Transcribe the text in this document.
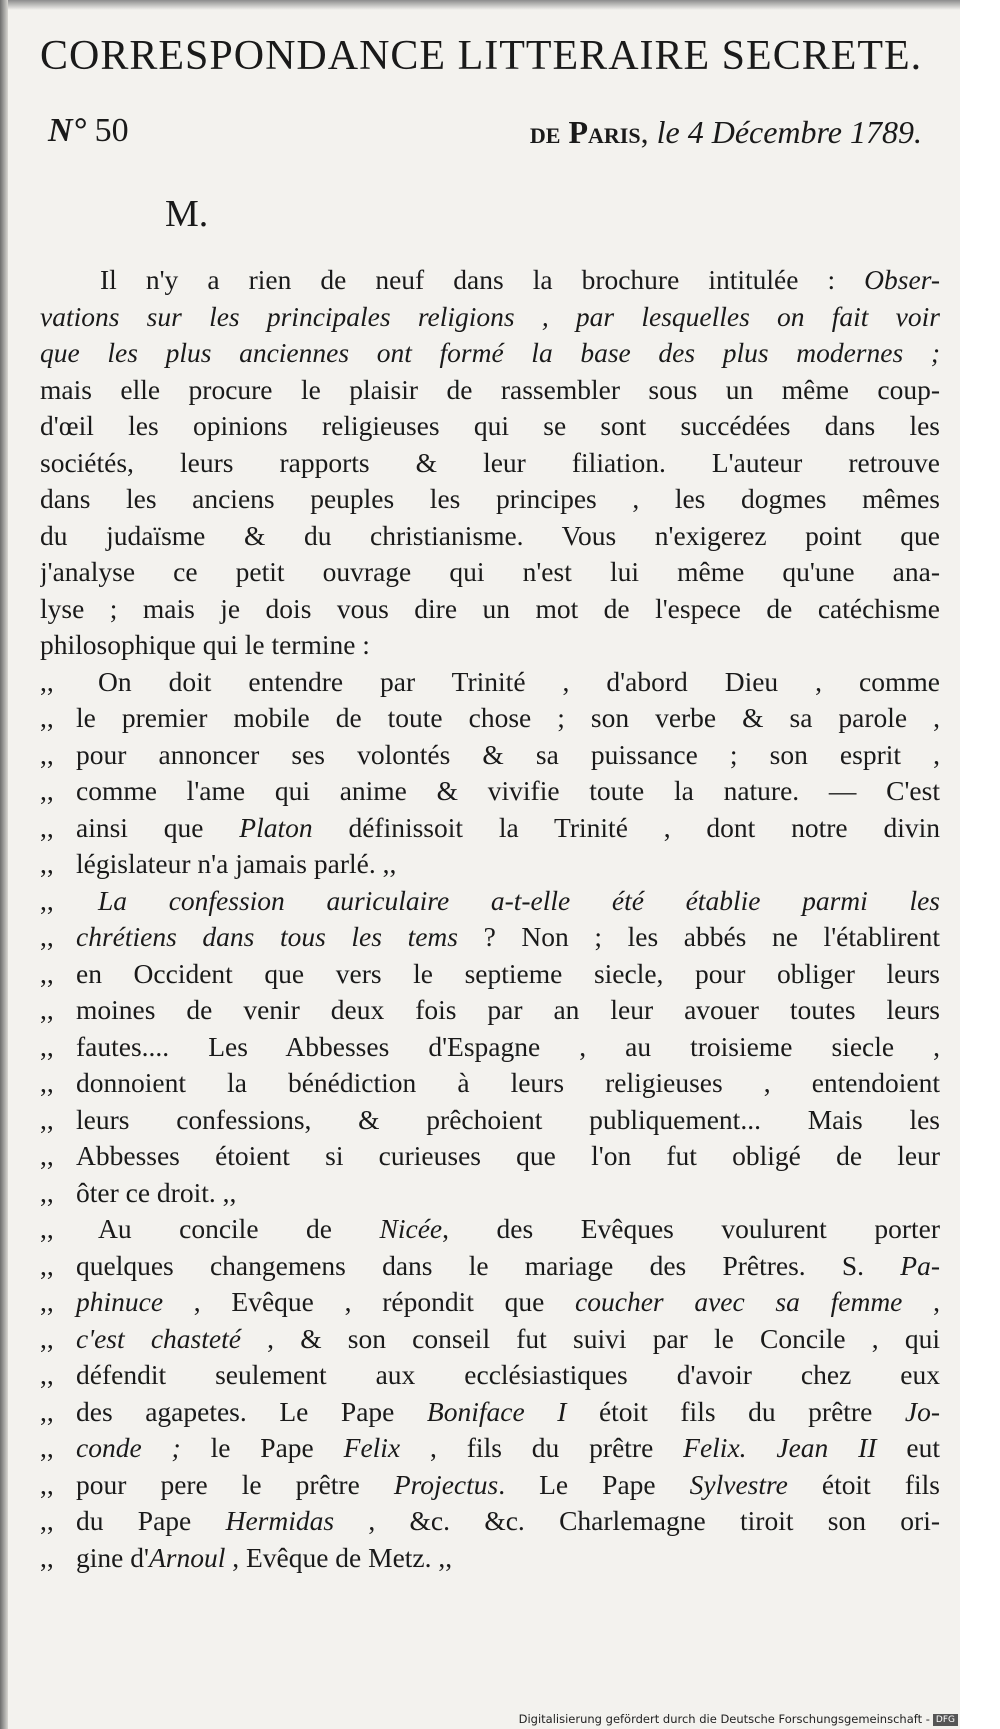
CORRESPONDANCE LITTERAIRE SECRETE.
N° 50	de Paris, le 4 Décembre 1789.
M.
Il n'y a rien de neuf dans la brochure intitulée : Obser-
vations sur les principales religions , par lesquelles on fait voir
que les plus anciennes ont formé la base des plus modernes ;
mais elle procure le plaisir de rassembler sous un même coup-
d'œil les opinions religieuses qui se sont succédées dans les
sociétés, leurs rapports & leur filiation. L'auteur retrouve
dans les anciens peuples les principes , les dogmes mêmes
du judaïsme & du christianisme. Vous n'exigerez point que
j'analyse ce petit ouvrage qui n'est lui même qu'une ana-
lyse ; mais je dois vous dire un mot de l'espece de catéchisme
philosophique qui le termine :
,, On doit entendre par Trinité , d'abord Dieu , comme
,, le premier mobile de toute chose ; son verbe & sa parole ,
,, pour annoncer ses volontés & sa puissance ; son esprit ,
,, comme l'ame qui anime & vivifie toute la nature. — C'est
,, ainsi que Platon définissoit la Trinité , dont notre divin
,, législateur n'a jamais parlé. ,,
,, La confession auriculaire a-t-elle été établie parmi les
,, chrétiens dans tous les tems ? Non ; les abbés ne l'établirent
,, en Occident que vers le septieme siecle, pour obliger leurs
,, moines de venir deux fois par an leur avouer toutes leurs
,, fautes.... Les Abbesses d'Espagne , au troisieme siecle ,
,, donnoient la bénédiction à leurs religieuses , entendoient
,, leurs confessions, & prêchoient publiquement... Mais les
,, Abbesses étoient si curieuses que l'on fut obligé de leur
,, ôter ce droit. ,,
,, Au concile de Nicée, des Evêques voulurent porter
,, quelques changemens dans le mariage des Prêtres. S. Pa-
,, phinuce , Evêque , répondit que coucher avec sa femme ,
,, c'est chasteté , & son conseil fut suivi par le Concile , qui
,, défendit seulement aux ecclésiastiques d'avoir chez eux
,, des agapetes. Le Pape Boniface I étoit fils du prêtre Jo-
,, conde ; le Pape Felix , fils du prêtre Felix. Jean II eut
,, pour pere le prêtre Projectus. Le Pape Sylvestre étoit fils
,, du Pape Hermidas , &c. &c. Charlemagne tiroit son ori-
,, gine d'Arnoul , Evêque de Metz. ,,
Digitalisierung gefördert durch die Deutsche Forschungsgemeinschaft - DFG
